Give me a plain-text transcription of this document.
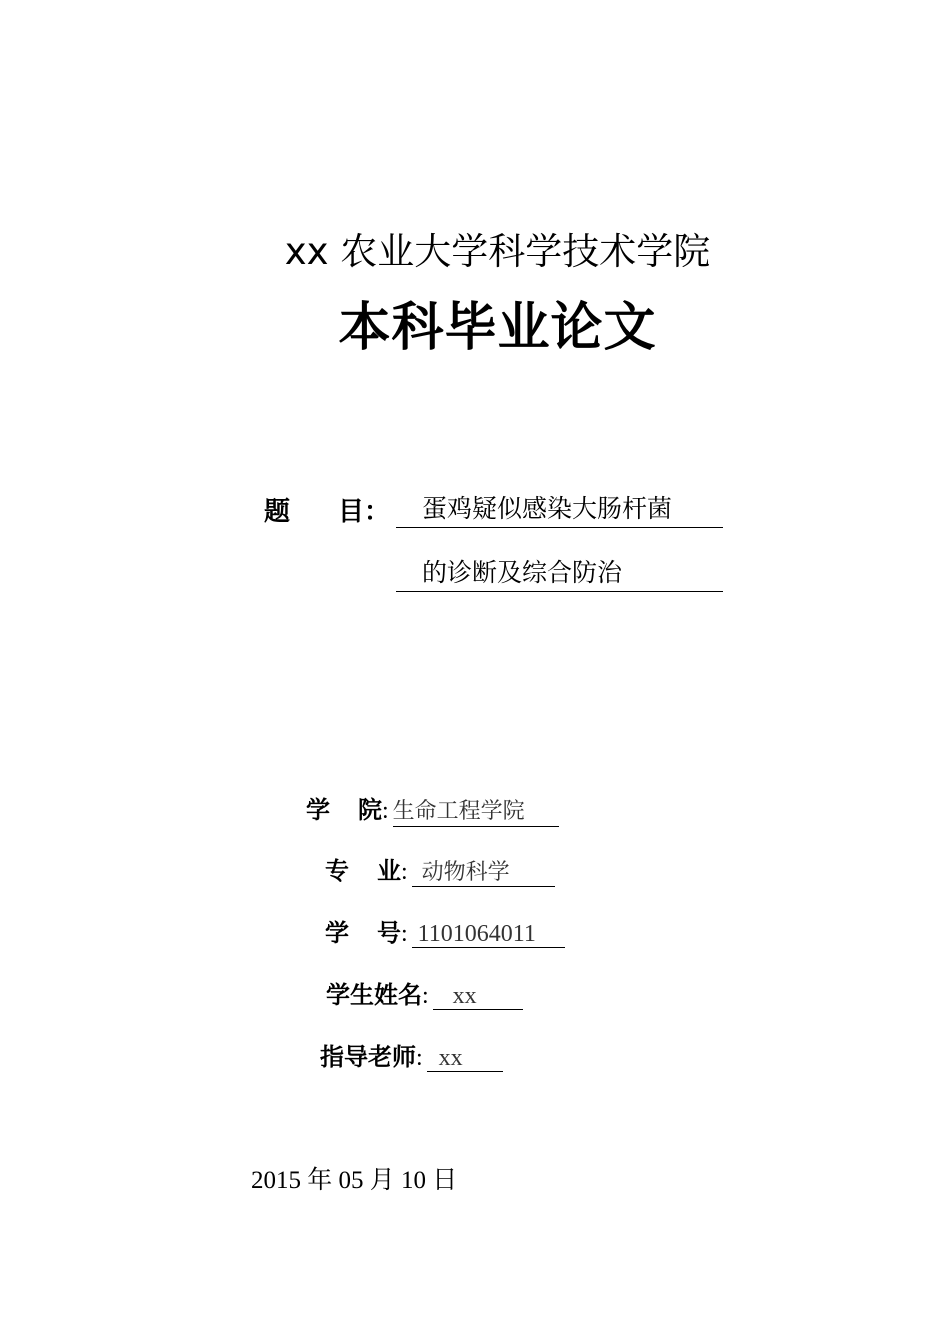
xx 农业大学科学技术学院
本科毕业论文
题 目：	蛋鸡疑似感染大肠杆菌
的诊断及综合防治
学 院: 生命工程学院
专 业: 动物科学
学 号: 1101064011
学生姓名: xx
指导老师: xx
2015 年 05 月 10 日
